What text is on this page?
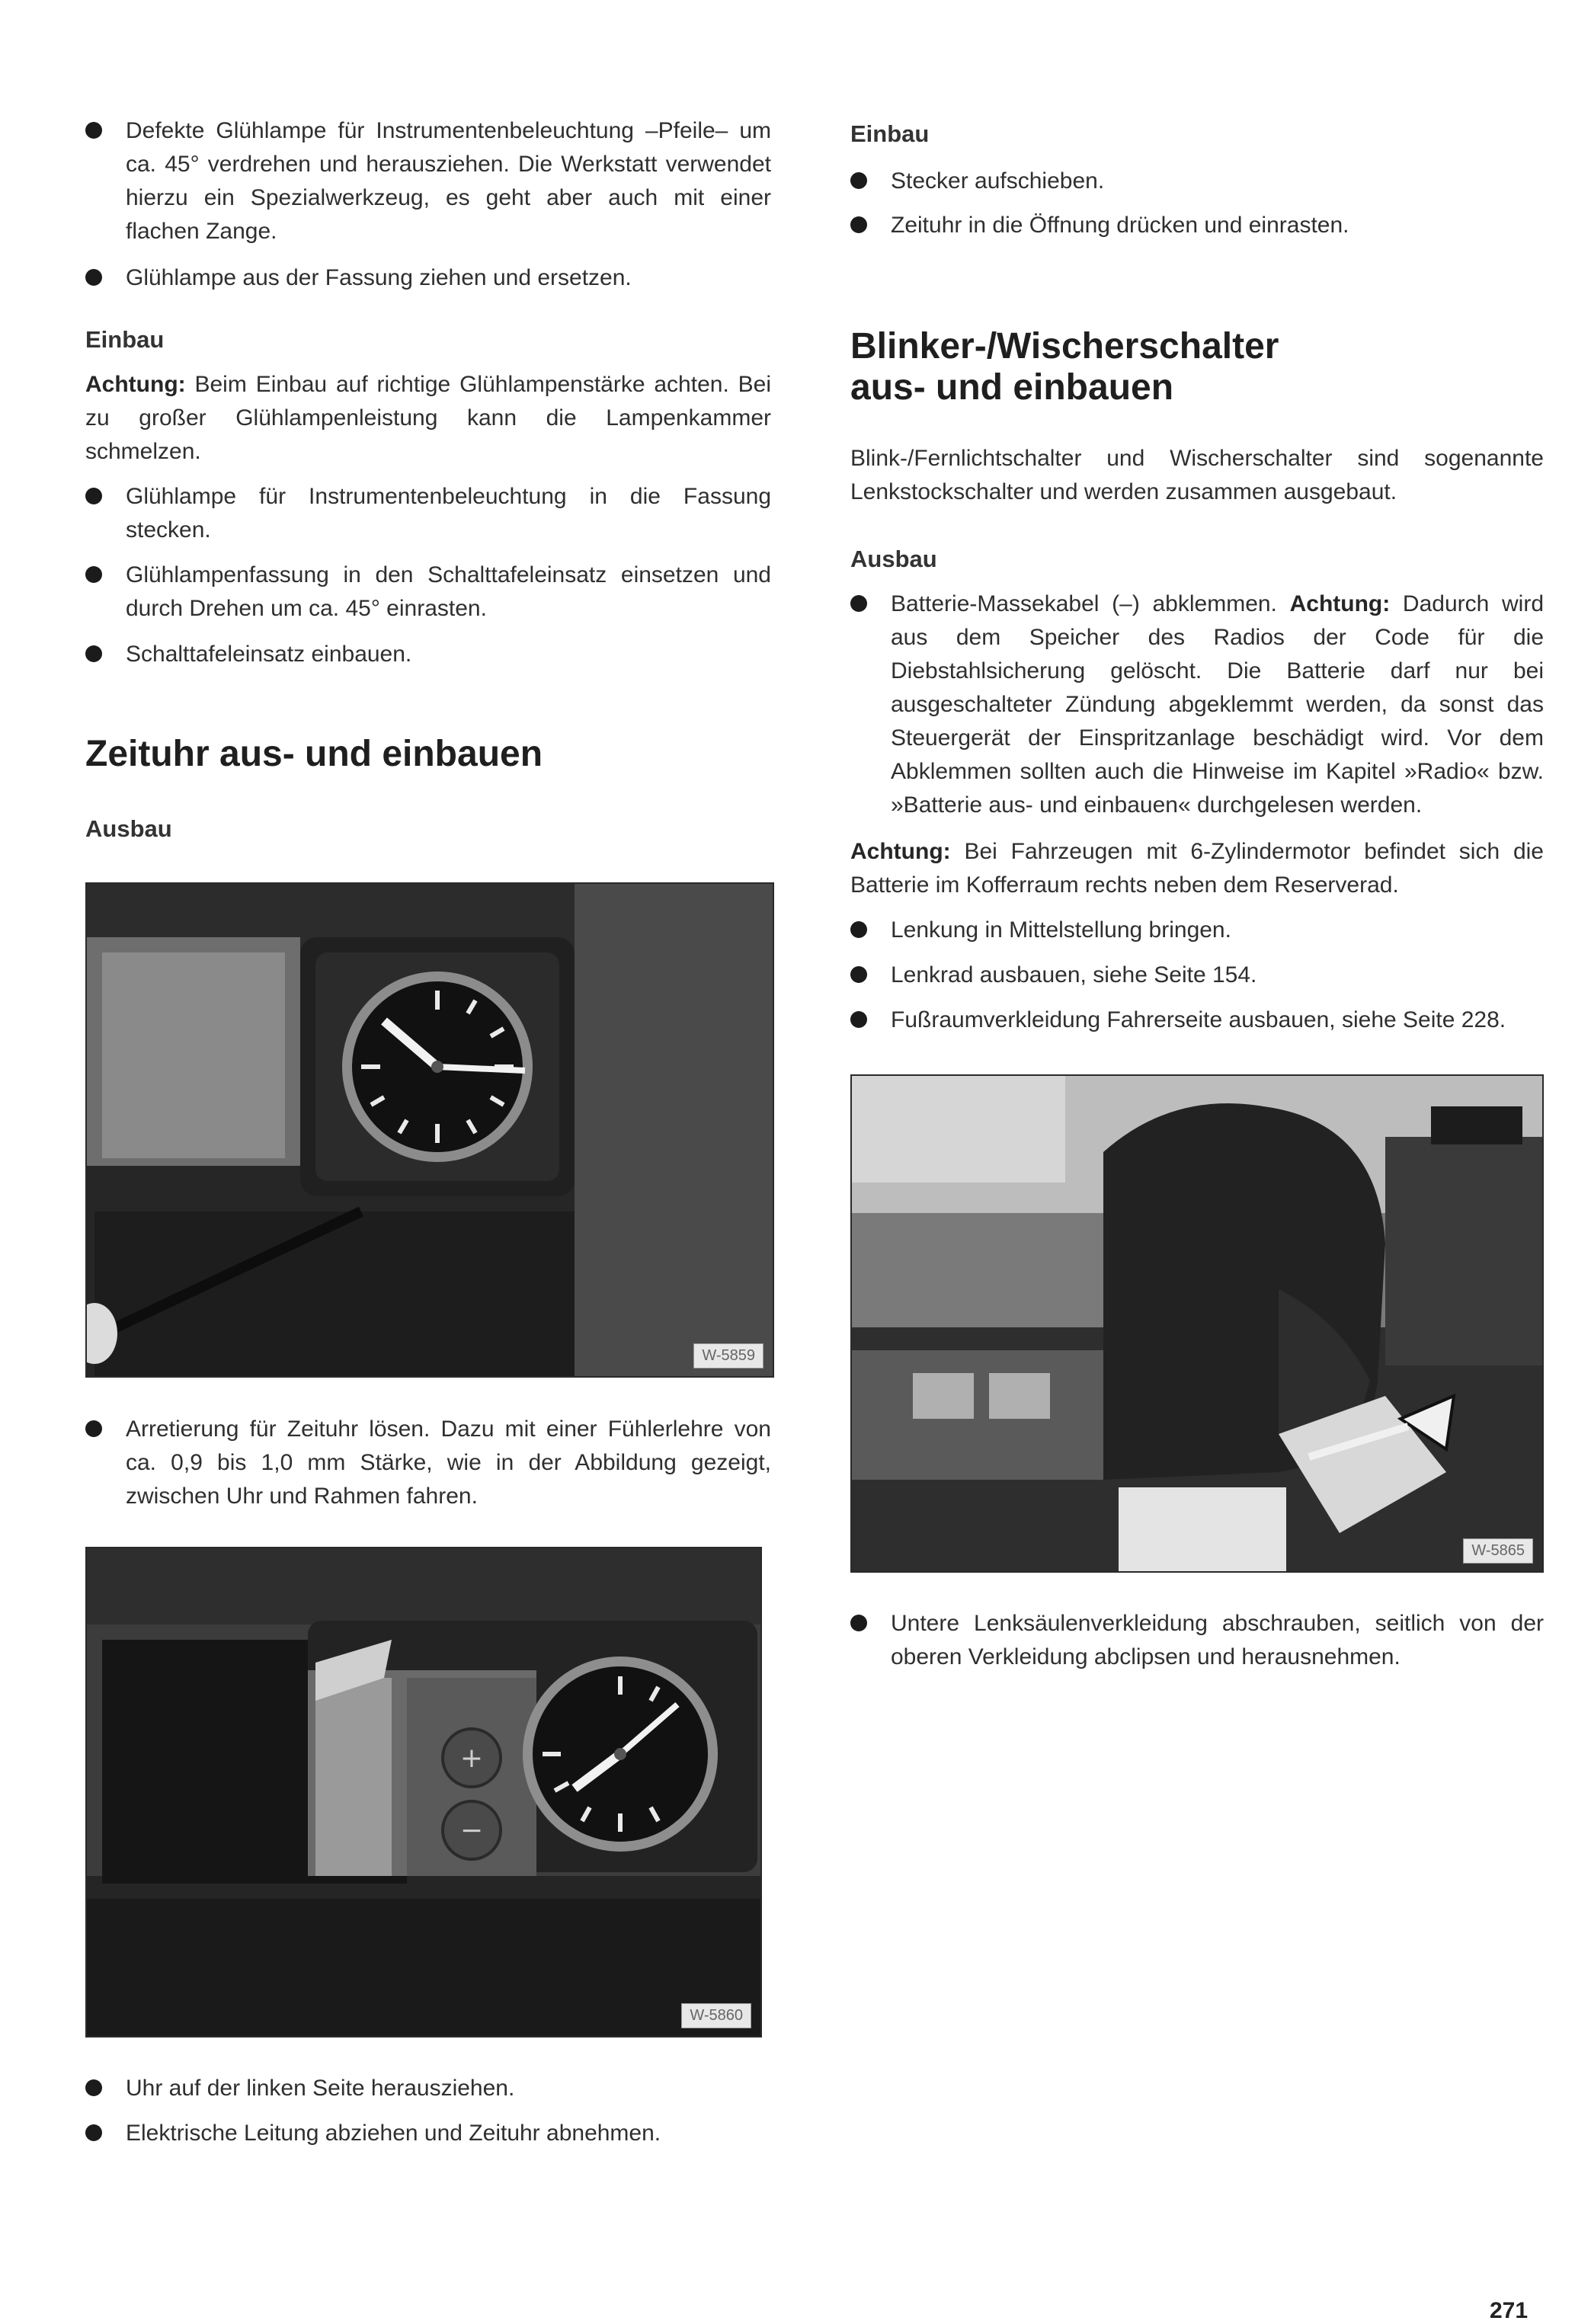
Defekte Glühlampe für Instrumentenbeleuchtung –Pfeile– um ca. 45° verdrehen und herausziehen. Die Werkstatt verwendet hierzu ein Spezialwerkzeug, es geht aber auch mit einer flachen Zange.
Glühlampe aus der Fassung ziehen und ersetzen.
Einbau
Achtung: Beim Einbau auf richtige Glühlampenstärke achten. Bei zu großer Glühlampenleistung kann die Lampenkammer schmelzen.
Glühlampe für Instrumentenbeleuchtung in die Fassung stecken.
Glühlampenfassung in den Schalttafeleinsatz einsetzen und durch Drehen um ca. 45° einrasten.
Schalttafeleinsatz einbauen.
Zeituhr aus- und einbauen
Ausbau
W-5859
Arretierung für Zeituhr lösen. Dazu mit einer Fühlerlehre von ca. 0,9 bis 1,0 mm Stärke, wie in der Abbildung gezeigt, zwischen Uhr und Rahmen fahren.
+
−
W-5860
Uhr auf der linken Seite herausziehen.
Elektrische Leitung abziehen und Zeituhr abnehmen.
Einbau
Stecker aufschieben.
Zeituhr in die Öffnung drücken und einrasten.
Blinker-/Wischerschalter
aus- und einbauen
Blink-/Fernlichtschalter und Wischerschalter sind sogenannte Lenkstockschalter und werden zusammen ausgebaut.
Ausbau
Batterie-Massekabel (–) abklemmen. Achtung: Dadurch wird aus dem Speicher des Radios der Code für die Diebstahlsicherung gelöscht. Die Batterie darf nur bei ausgeschalteter Zündung abgeklemmt werden, da sonst das Steuergerät der Einspritzanlage beschädigt wird. Vor dem Abklemmen sollten auch die Hinweise im Kapitel »Radio« bzw. »Batterie aus- und einbauen« durchgelesen werden.
Achtung: Bei Fahrzeugen mit 6-Zylindermotor befindet sich die Batterie im Kofferraum rechts neben dem Reserverad.
Lenkung in Mittelstellung bringen.
Lenkrad ausbauen, siehe Seite 154.
Fußraumverkleidung Fahrerseite ausbauen, siehe Seite 228.
W-5865
Untere Lenksäulenverkleidung abschrauben, seitlich von der oberen Verkleidung abclipsen und herausnehmen.
271
